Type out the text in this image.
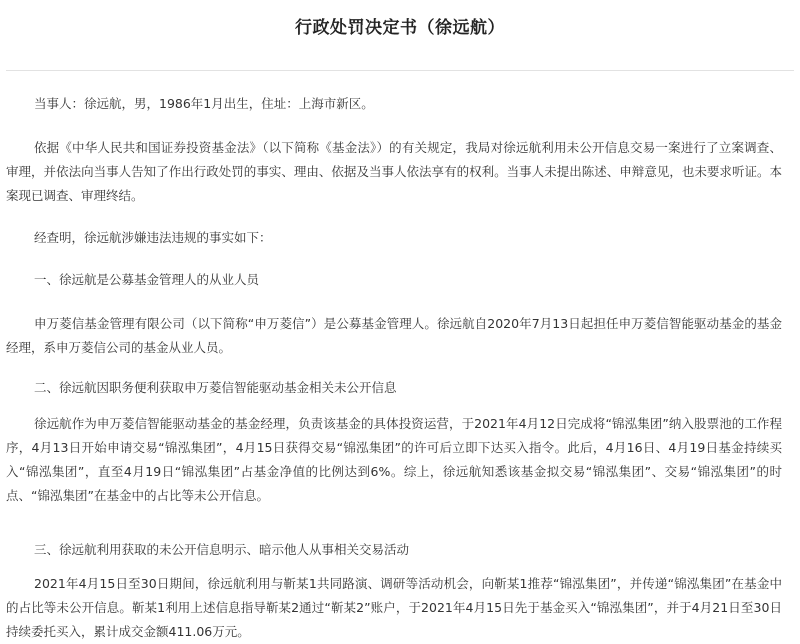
行政处罚决定书（徐远航）
当事人：徐远航，男，1986年1月出生，住址：上海市新区。
依据《中华人民共和国证券投资基金法》（以下简称《基金法》）的有关规定，我局对徐远航利用未公开信息交易一案进行了立案调查、审理，并依法向当事人告知了作出行政处罚的事实、理由、依据及当事人依法享有的权利。当事人未提出陈述、申辩意见，也未要求听证。本案现已调查、审理终结。
经查明，徐远航涉嫌违法违规的事实如下：
一、徐远航是公募基金管理人的从业人员
申万菱信基金管理有限公司（以下简称“申万菱信”）是公募基金管理人。徐远航自2020年7月13日起担任申万菱信智能驱动基金的基金经理，系申万菱信公司的基金从业人员。
二、徐远航因职务便利获取申万菱信智能驱动基金相关未公开信息
徐远航作为申万菱信智能驱动基金的基金经理，负责该基金的具体投资运营，于2021年4月12日完成将“锦泓集团”纳入股票池的工作程序，4月13日开始申请交易“锦泓集团”，4月15日获得交易“锦泓集团”的许可后立即下达买入指令。此后，4月16日、4月19日基金持续买入“锦泓集团”，直至4月19日“锦泓集团”占基金净值的比例达到6%。综上，徐远航知悉该基金拟交易“锦泓集团”、交易“锦泓集团”的时点、“锦泓集团”在基金中的占比等未公开信息。
三、徐远航利用获取的未公开信息明示、暗示他人从事相关交易活动
2021年4月15日至30日期间，徐远航利用与靳某1共同路演、调研等活动机会，向靳某1推荐“锦泓集团”，并传递“锦泓集团”在基金中的占比等未公开信息。靳某1利用上述信息指导靳某2通过“靳某2”账户，于2021年4月15日先于基金买入“锦泓集团”，并于4月21日至30日持续委托买入，累计成交金额411.06万元。
